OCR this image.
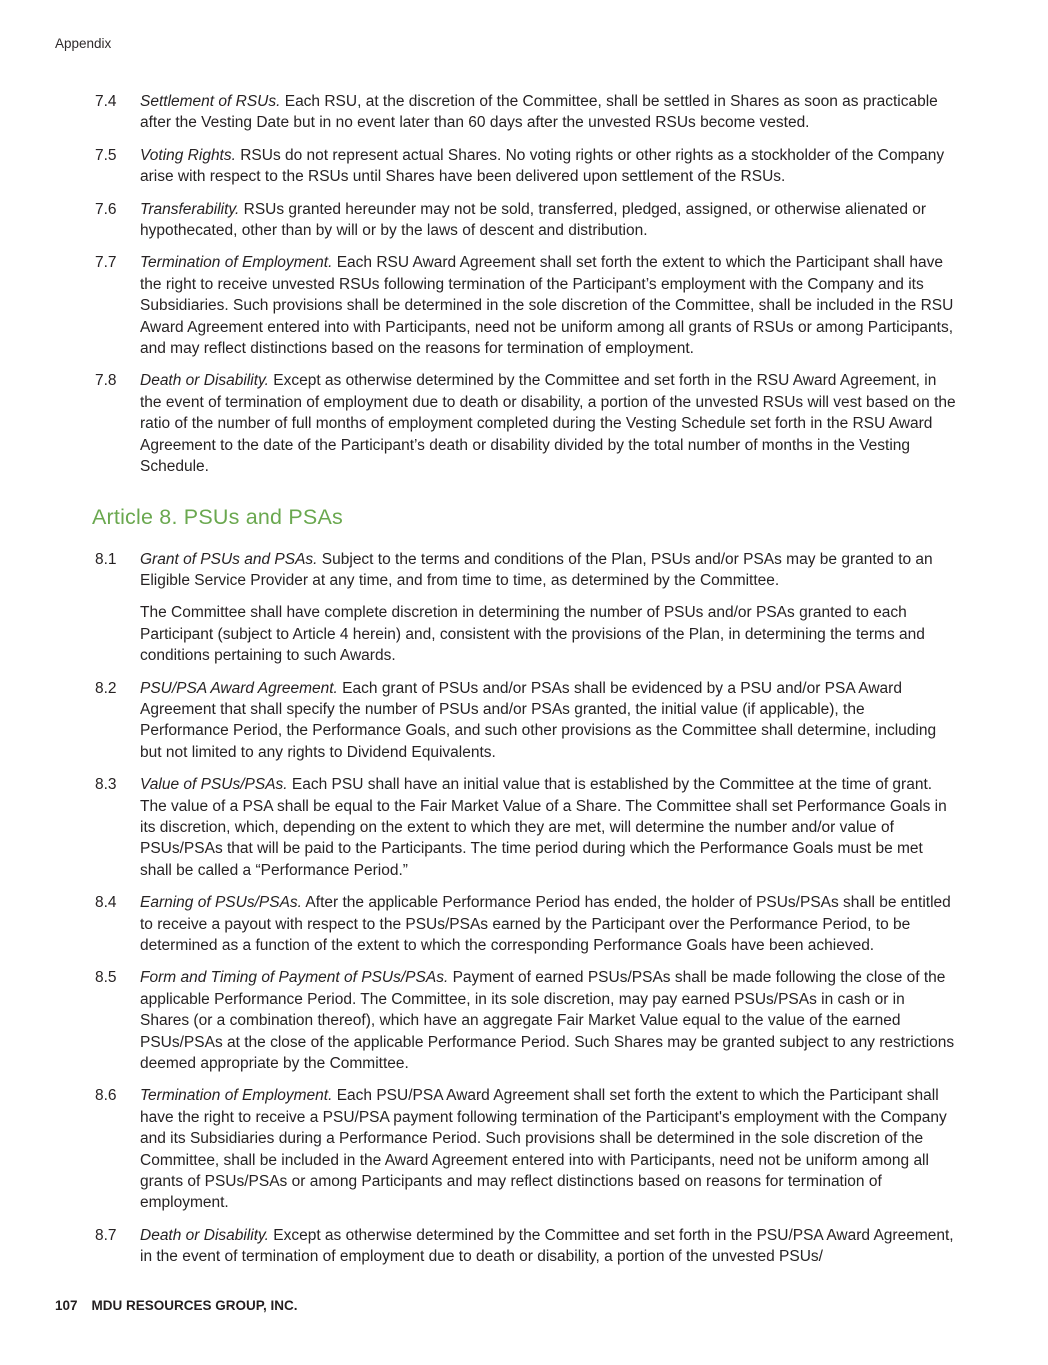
Appendix
7.4	Settlement of RSUs. Each RSU, at the discretion of the Committee, shall be settled in Shares as soon as practicable after the Vesting Date but in no event later than 60 days after the unvested RSUs become vested.

7.5	Voting Rights. RSUs do not represent actual Shares. No voting rights or other rights as a stockholder of the Company arise with respect to the RSUs until Shares have been delivered upon settlement of the RSUs.

7.6	Transferability. RSUs granted hereunder may not be sold, transferred, pledged, assigned, or otherwise alienated or hypothecated, other than by will or by the laws of descent and distribution.

7.7	Termination of Employment. Each RSU Award Agreement shall set forth the extent to which the Participant shall have the right to receive unvested RSUs following termination of the Participant’s employment with the Company and its Subsidiaries. Such provisions shall be determined in the sole discretion of the Committee, shall be included in the RSU Award Agreement entered into with Participants, need not be uniform among all grants of RSUs or among Participants, and may reflect distinctions based on the reasons for termination of employment.

7.8	Death or Disability. Except as otherwise determined by the Committee and set forth in the RSU Award Agreement, in the event of termination of employment due to death or disability, a portion of the unvested RSUs will vest based on the ratio of the number of full months of employment completed during the Vesting Schedule set forth in the RSU Award Agreement to the date of the Participant’s death or disability divided by the total number of months in the Vesting Schedule.

Article 8. PSUs and PSAs
8.1	Grant of PSUs and PSAs. Subject to the terms and conditions of the Plan, PSUs and/or PSAs may be granted to an Eligible Service Provider at any time, and from time to time, as determined by the Committee.

The Committee shall have complete discretion in determining the number of PSUs and/or PSAs granted to each Participant (subject to Article 4 herein) and, consistent with the provisions of the Plan, in determining the terms and conditions pertaining to such Awards.

8.2	PSU/PSA Award Agreement. Each grant of PSUs and/or PSAs shall be evidenced by a PSU and/or PSA Award Agreement that shall specify the number of PSUs and/or PSAs granted, the initial value (if applicable), the Performance Period, the Performance Goals, and such other provisions as the Committee shall determine, including but not limited to any rights to Dividend Equivalents.

8.3	Value of PSUs/PSAs. Each PSU shall have an initial value that is established by the Committee at the time of grant. The value of a PSA shall be equal to the Fair Market Value of a Share. The Committee shall set Performance Goals in its discretion, which, depending on the extent to which they are met, will determine the number and/or value of PSUs/PSAs that will be paid to the Participants. The time period during which the Performance Goals must be met shall be called a “Performance Period.”

8.4	Earning of PSUs/PSAs. After the applicable Performance Period has ended, the holder of PSUs/PSAs shall be entitled to receive a payout with respect to the PSUs/PSAs earned by the Participant over the Performance Period, to be determined as a function of the extent to which the corresponding Performance Goals have been achieved.

8.5	Form and Timing of Payment of PSUs/PSAs. Payment of earned PSUs/PSAs shall be made following the close of the applicable Performance Period. The Committee, in its sole discretion, may pay earned PSUs/PSAs in cash or in Shares (or a combination thereof), which have an aggregate Fair Market Value equal to the value of the earned PSUs/PSAs at the close of the applicable Performance Period. Such Shares may be granted subject to any restrictions deemed appropriate by the Committee.

8.6	Termination of Employment. Each PSU/PSA Award Agreement shall set forth the extent to which the Participant shall have the right to receive a PSU/PSA payment following termination of the Participant's employment with the Company and its Subsidiaries during a Performance Period. Such provisions shall be determined in the sole discretion of the Committee, shall be included in the Award Agreement entered into with Participants, need not be uniform among all grants of PSUs/PSAs or among Participants and may reflect distinctions based on reasons for termination of employment.

8.7	Death or Disability. Except as otherwise determined by the Committee and set forth in the PSU/PSA Award Agreement, in the event of termination of employment due to death or disability, a portion of the unvested PSUs/

107 MDU RESOURCES GROUP, INC.
